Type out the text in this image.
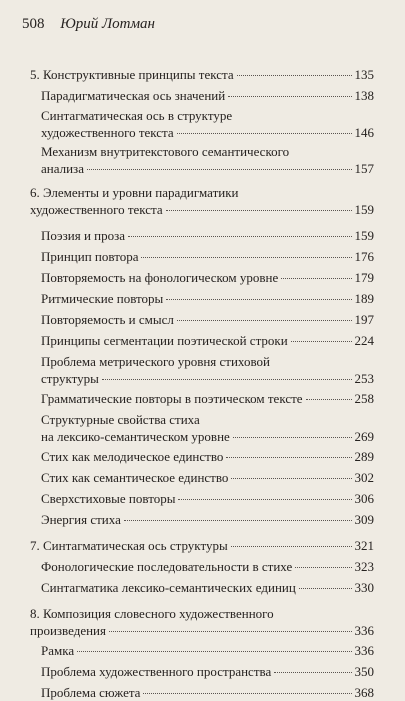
508 Юрий Лотман
5. Конструктивные принципы текста	135
Парадигматическая ось значений	138
Синтагматическая ось в структуре
художественного текста	146
Механизм внутритекстового семантического
анализа	157
6. Элементы и уровни парадигматики
художественного текста	159
Поэзия и проза	159
Принцип повтора	176
Повторяемость на фонологическом уровне	179
Ритмические повторы	189
Повторяемость и смысл	197
Принципы сегментации поэтической строки	224
Проблема метрического уровня стиховой
структуры	253
Грамматические повторы в поэтическом тексте	258
Структурные свойства стиха
на лексико-семантическом уровне	269
Стих как мелодическое единство	289
Стих как семантическое единство	302
Сверхстиховые повторы	306
Энергия стиха	309
7. Синтагматическая ось структуры	321
Фонологические последовательности в стихе	323
Синтагматика лексико-семантических единиц	330
8. Композиция словесного художественного
произведения	336
Рамка	336
Проблема художественного пространства	350
Проблема сюжета	368
